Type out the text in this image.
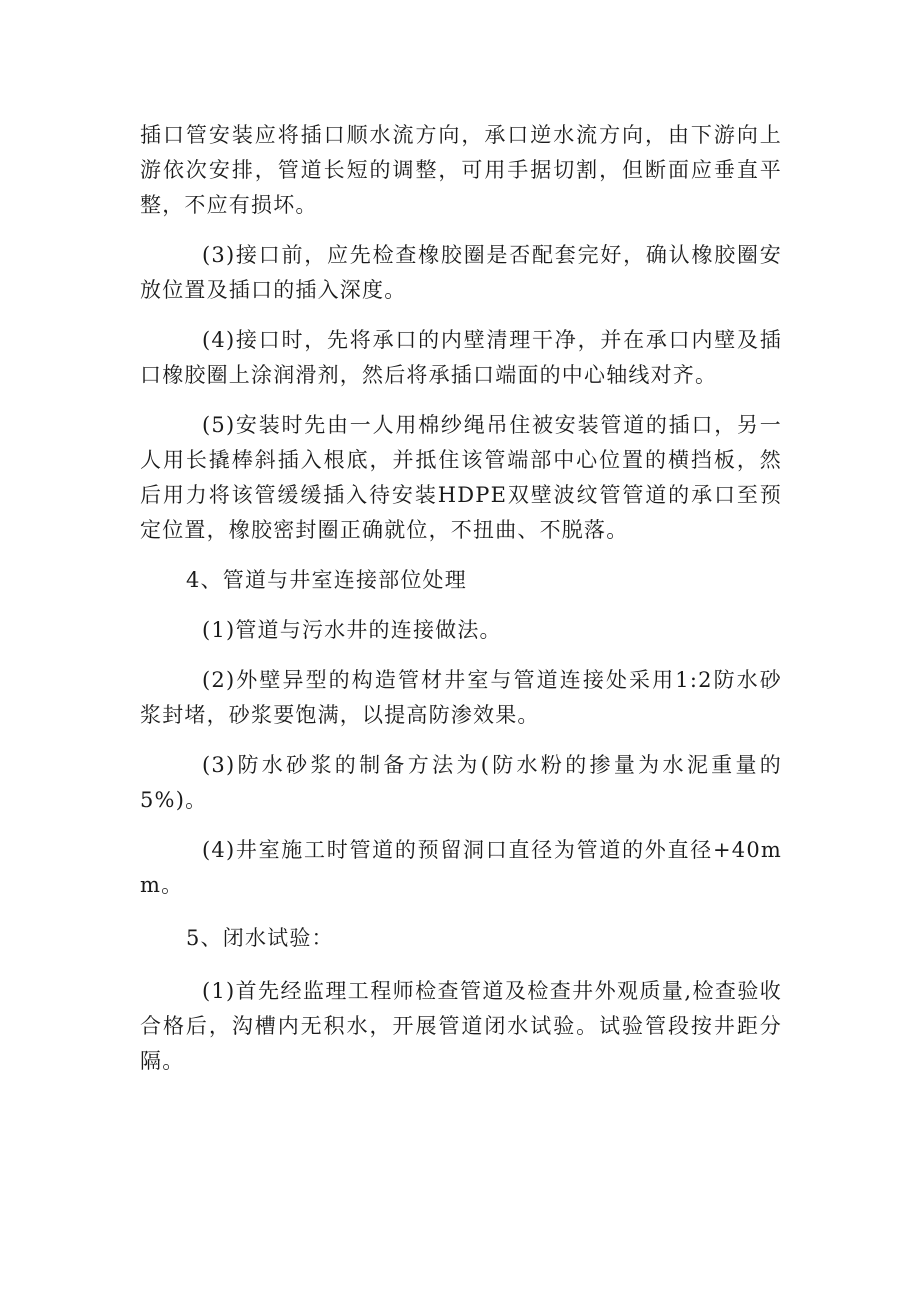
插口管安装应将插口顺水流方向，承口逆水流方向，由下游向上游依次安排，管道长短的调整，可用手据切割，但断面应垂直平整，不应有损坏。

(3)接口前，应先检查橡胶圈是否配套完好，确认橡胶圈安放位置及插口的插入深度。

(4)接口时，先将承口的内壁清理干净，并在承口内壁及插口橡胶圈上涂润滑剂，然后将承插口端面的中心轴线对齐。

(5)安装时先由一人用棉纱绳吊住被安装管道的插口，另一人用长撬棒斜插入根底，并抵住该管端部中心位置的横挡板，然后用力将该管缓缓插入待安装HDPE双壁波纹管管道的承口至预定位置，橡胶密封圈正确就位，不扭曲、不脱落。

4、管道与井室连接部位处理

(1)管道与污水井的连接做法。

(2)外壁异型的构造管材井室与管道连接处采用1:2防水砂浆封堵，砂浆要饱满，以提高防渗效果。

(3)防水砂浆的制备方法为(防水粉的掺量为水泥重量的5%)。

(4)井室施工时管道的预留洞口直径为管道的外直径+40mm。

5、闭水试验：

(1)首先经监理工程师检查管道及检查井外观质量,检查验收合格后，沟槽内无积水，开展管道闭水试验。试验管段按井距分隔。
